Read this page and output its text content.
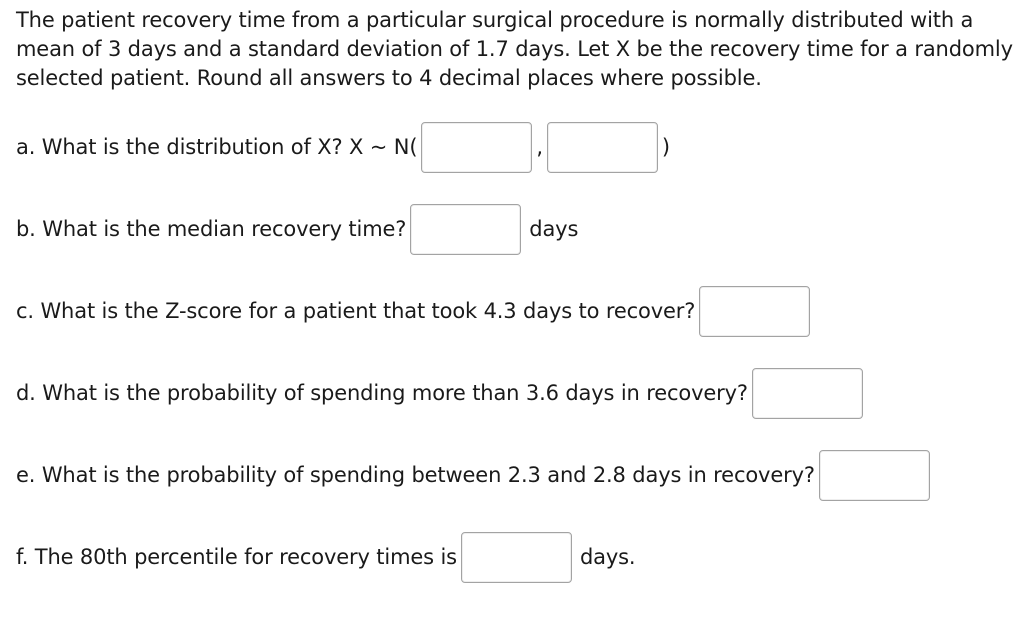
The patient recovery time from a particular surgical procedure is normally distributed with a mean of 3 days and a standard deviation of 1.7 days. Let X be the recovery time for a randomly selected patient. Round all answers to 4 decimal places where possible.

a. What is the distribution of X? X ~ N(	,	)
b. What is the median recovery time?	days
c. What is the Z-score for a patient that took 4.3 days to recover?
d. What is the probability of spending more than 3.6 days in recovery?
e. What is the probability of spending between 2.3 and 2.8 days in recovery?
f. The 80th percentile for recovery times is	days.
